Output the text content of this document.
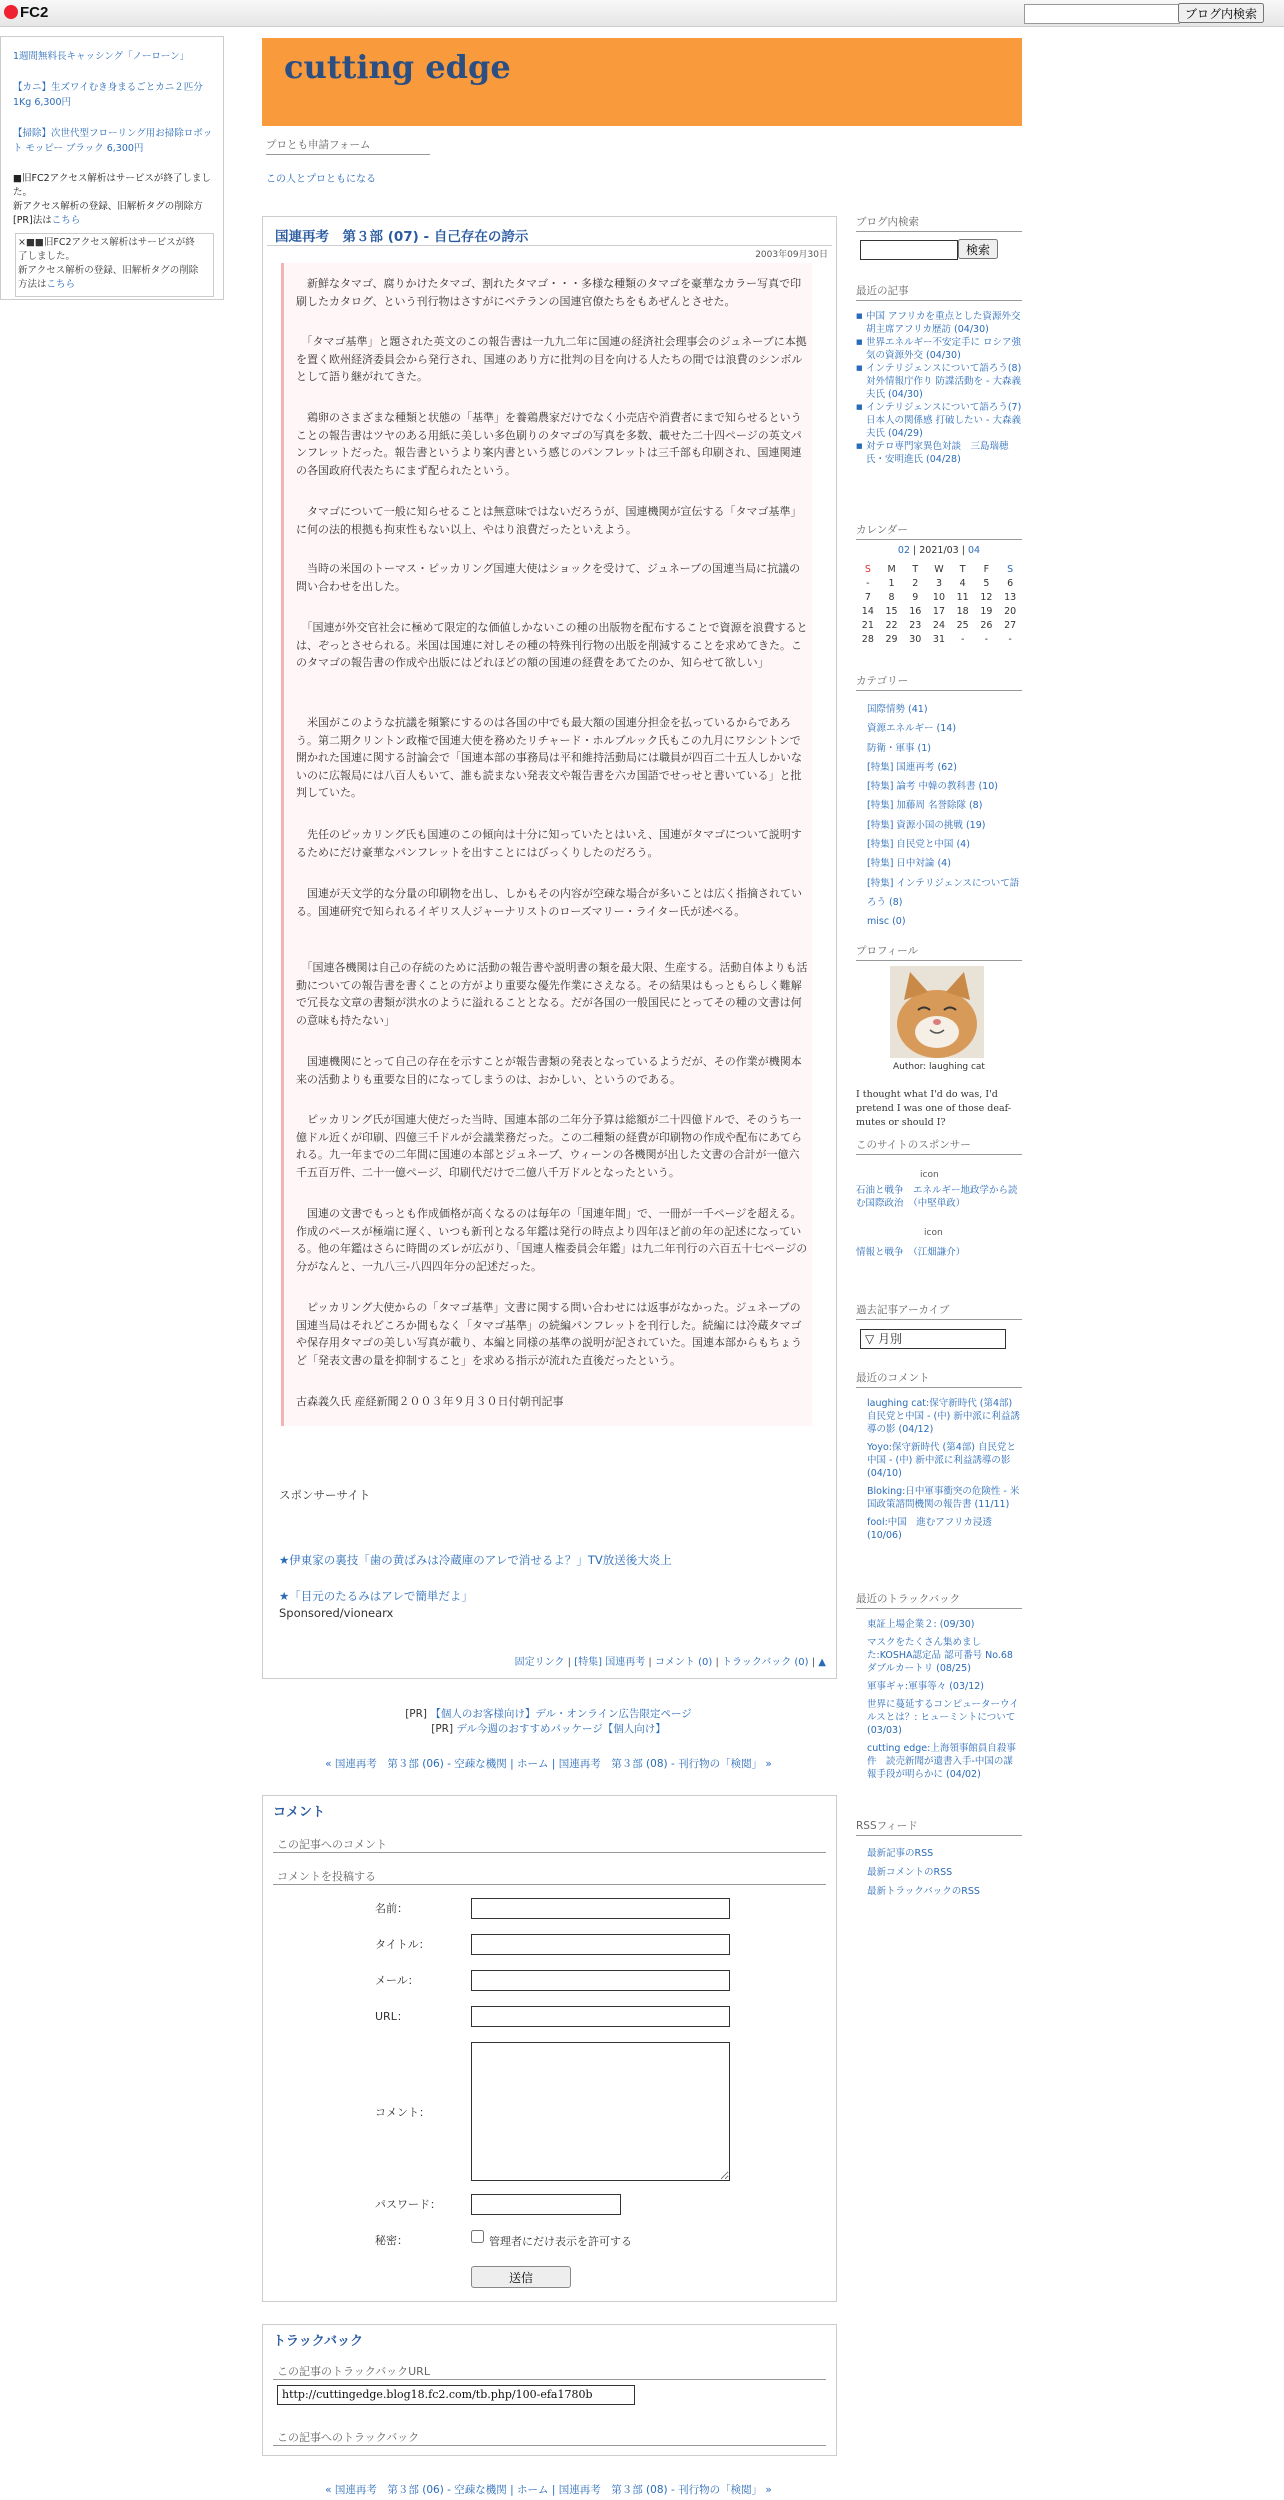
FC2	ブログ内検索
1週間無料長キャッシング「ノーローン」
【カニ】生ズワイむき身まるごとカニ２匹分1Kg 6,300円
【掃除】次世代型フローリング用お掃除ロボット モッピー ブラック 6,300円
■旧FC2アクセス解析はサービスが終了しました。
新アクセス解析の登録、旧解析タグの削除方
[PR]法はこちら
×■■旧FC2アクセス解析はサービスが終
了しました。
新アクセス解析の登録、旧解析タグの削除
方法はこちら
cutting edge
プロとも申請フォーム
この人とプロともになる
国連再考　第３部 (07) - 自己存在の誇示
2003年09月30日

　新鮮なタマゴ、腐りかけたタマゴ、割れたタマゴ・・・多様な種類のタマゴを豪華なカラー写真で印刷したカタログ、という刊行物はさすがにベテランの国連官僚たちをもあぜんとさせた。

　「タマゴ基準」と題された英文のこの報告書は一九九二年に国連の経済社会理事会のジュネーブに本拠を置く欧州経済委員会から発行され、国連のあり方に批判の目を向ける人たちの間では浪費のシンボルとして語り継がれてきた。

　鶏卵のさまざまな種類と状態の「基準」を養鶏農家だけでなく小売店や消費者にまで知らせるということの報告書はツヤのある用紙に美しい多色刷りのタマゴの写真を多数、載せた二十四ページの英文パンフレットだった。報告書というより案内書という感じのパンフレットは三千部も印刷され、国連関連の各国政府代表たちにまず配られたという。

　タマゴについて一般に知らせることは無意味ではないだろうが、国連機関が宣伝する「タマゴ基準」に何の法的根拠も拘束性もない以上、やはり浪費だったといえよう。

　当時の米国のトーマス・ピッカリング国連大使はショックを受けて、ジュネーブの国連当局に抗議の問い合わせを出した。

　「国連が外交官社会に極めて限定的な価値しかないこの種の出版物を配布することで資源を浪費するとは、ぞっとさせられる。米国は国連に対しその種の特殊刊行物の出版を削減することを求めてきた。このタマゴの報告書の作成や出版にはどれほどの額の国連の経費をあてたのか、知らせて欲しい」

　米国がこのような抗議を頻繁にするのは各国の中でも最大額の国連分担金を払っているからであろう。第二期クリントン政権で国連大使を務めたリチャード・ホルブルック氏もこの九月にワシントンで開かれた国連に関する討論会で「国連本部の事務局は平和維持活動局には職員が四百二十五人しかいないのに広報局には八百人もいて、誰も読まない発表文や報告書を六カ国語でせっせと書いている」と批判していた。

　先任のピッカリング氏も国連のこの傾向は十分に知っていたとはいえ、国連がタマゴについて説明するためにだけ豪華なパンフレットを出すことにはびっくりしたのだろう。

　国連が天文学的な分量の印刷物を出し、しかもその内容が空疎な場合が多いことは広く指摘されている。国連研究で知られるイギリス人ジャーナリストのローズマリー・ライター氏が述べる。

　「国連各機関は自己の存続のために活動の報告書や説明書の類を最大限、生産する。活動自体よりも活動についての報告書を書くことの方がより重要な優先作業にさえなる。その結果はもっともらしく難解で冗長な文章の書類が洪水のように溢れることとなる。だが各国の一般国民にとってその種の文書は何の意味も持たない」

　国連機関にとって自己の存在を示すことが報告書類の発表となっているようだが、その作業が機関本来の活動よりも重要な目的になってしまうのは、おかしい、というのである。

　ピッカリング氏が国連大使だった当時、国連本部の二年分予算は総額が二十四億ドルで、そのうち一億ドル近くが印刷、四億三千ドルが会議業務だった。この二種類の経費が印刷物の作成や配布にあてられる。九一年までの二年間に国連の本部とジュネーブ、ウィーンの各機関が出した文書の合計が一億六千五百万件、二十一億ページ、印刷代だけで二億八千万ドルとなったという。

　国連の文書でもっとも作成価格が高くなるのは毎年の「国連年間」で、一冊が一千ページを超える。作成のペースが極端に遅く、いつも新刊となる年鑑は発行の時点より四年ほど前の年の記述になっている。他の年鑑はさらに時間のズレが広がり、「国連人権委員会年鑑」は九二年刊行の六百五十七ページの分がなんと、一九八三-八四四年分の記述だった。

　ピッカリング大使からの「タマゴ基準」文書に関する問い合わせには返事がなかった。ジュネーブの国連当局はそれどころか間もなく「タマゴ基準」の続編パンフレットを刊行した。続編には冷蔵タマゴや保存用タマゴの美しい写真が載り、本編と同様の基準の説明が記されていた。国連本部からもちょうど「発表文書の量を抑制すること」を求める指示が流れた直後だったという。

古森義久氏 産経新聞２００３年９月３０日付朝刊記事

スポンサーサイト
★伊東家の裏技「歯の黄ばみは冷蔵庫のアレで消せるよ？」TV放送後大炎上
★「目元のたるみはアレで簡単だよ」
Sponsored/vionearx
固定リンク | [特集] 国連再考 | コメント (0) | トラックバック (0) | ▲
[PR] 【個人のお客様向け】デル・オンライン広告限定ページ
[PR] デル今週のおすすめパッケージ【個人向け】
« 国連再考　第３部 (06) - 空疎な機関 | ホーム | 国連再考　第３部 (08) - 刊行物の「検閲」 »
コメント
この記事へのコメント
コメントを投稿する
名前：
タイトル：
メール：
URL：
コメント：
パスワード：
秘密：	管理者にだけ表示を許可する
送信
トラックバック
この記事のトラックバックURL
http://cuttingedge.blog18.fc2.com/tb.php/100-efa1780b
この記事へのトラックバック
« 国連再考　第３部 (06) - 空疎な機関 | ホーム | 国連再考　第３部 (08) - 刊行物の「検閲」 »
ブログ内検索
検索
最近の記事
■ 中国 アフリカを重点とした資源外交 胡主席アフリカ歴訪 (04/30)
■ 世界エネルギー不安定手に ロシア強気の資源外交 (04/30)
■ インテリジェンスについて語ろう(8) 対外情報庁作り 防諜活動を - 大森義夫氏 (04/30)
■ インテリジェンスについて語ろう(7) 日本人の関係感 打破したい - 大森義夫氏 (04/29)
■ 対テロ専門家異色対談　三島瑞穂氏・安明進氏 (04/28)
カレンダー
02 | 2021/03 | 04
S	M	T	W	T	F	S
-	1	2	3	4	5	6
7	8	9	10	11	12	13
14	15	16	17	18	19	20
21	22	23	24	25	26	27
28	29	30	31	-	-	-
カテゴリー
国際情勢 (41)
資源エネルギー (14)
防衛・軍事 (1)
[特集] 国連再考 (62)
[特集] 論考 中韓の教科書 (10)
[特集] 加藤周 名誉除隊 (8)
[特集] 資源小国の挑戦 (19)
[特集] 自民党と中国 (4)
[特集] 日中対論 (4)
[特集] インテリジェンスについて語ろう (8)
misc (0)
プロフィール
Author: laughing cat
I thought what I'd do was, I'd pretend I was one of those deaf-mutes or should I?
このサイトのスポンサー
icon
石油と戦争　エネルギー地政学から読む国際政治　（中堅単政）
icon
情報と戦争　（江畑謙介）
過去記事アーカイブ
▽ 月別
最近のコメント
laughing cat:保守新時代 (第4部) 自民党と中国 - (中) 新中派に利益誘導の影 (04/12)
Yoyo:保守新時代 (第4部) 自民党と中国 - (中) 新中派に利益誘導の影 (04/10)
Bloking:日中軍事衝突の危険性 - 米国政策諮問機関の報告書 (11/11)
fool:中国　進むアフリカ浸透 (10/06)
最近のトラックバック
東証上場企業２: (09/30)
マスクをたくさん集めました:KOSHA認定品 認可番号 No.68 ダブルカートリ (08/25)
軍事ギャ:軍事等々 (03/12)
世界に蔓延するコンピューターウイルスとは？: ヒューミントについて (03/03)
cutting edge:上海領事館員自殺事件　読売新聞が遺書入手-中国の謀報手段が明らかに (04/02)
RSSフィード
最新記事のRSS
最新コメントのRSS
最新トラックバックのRSS
